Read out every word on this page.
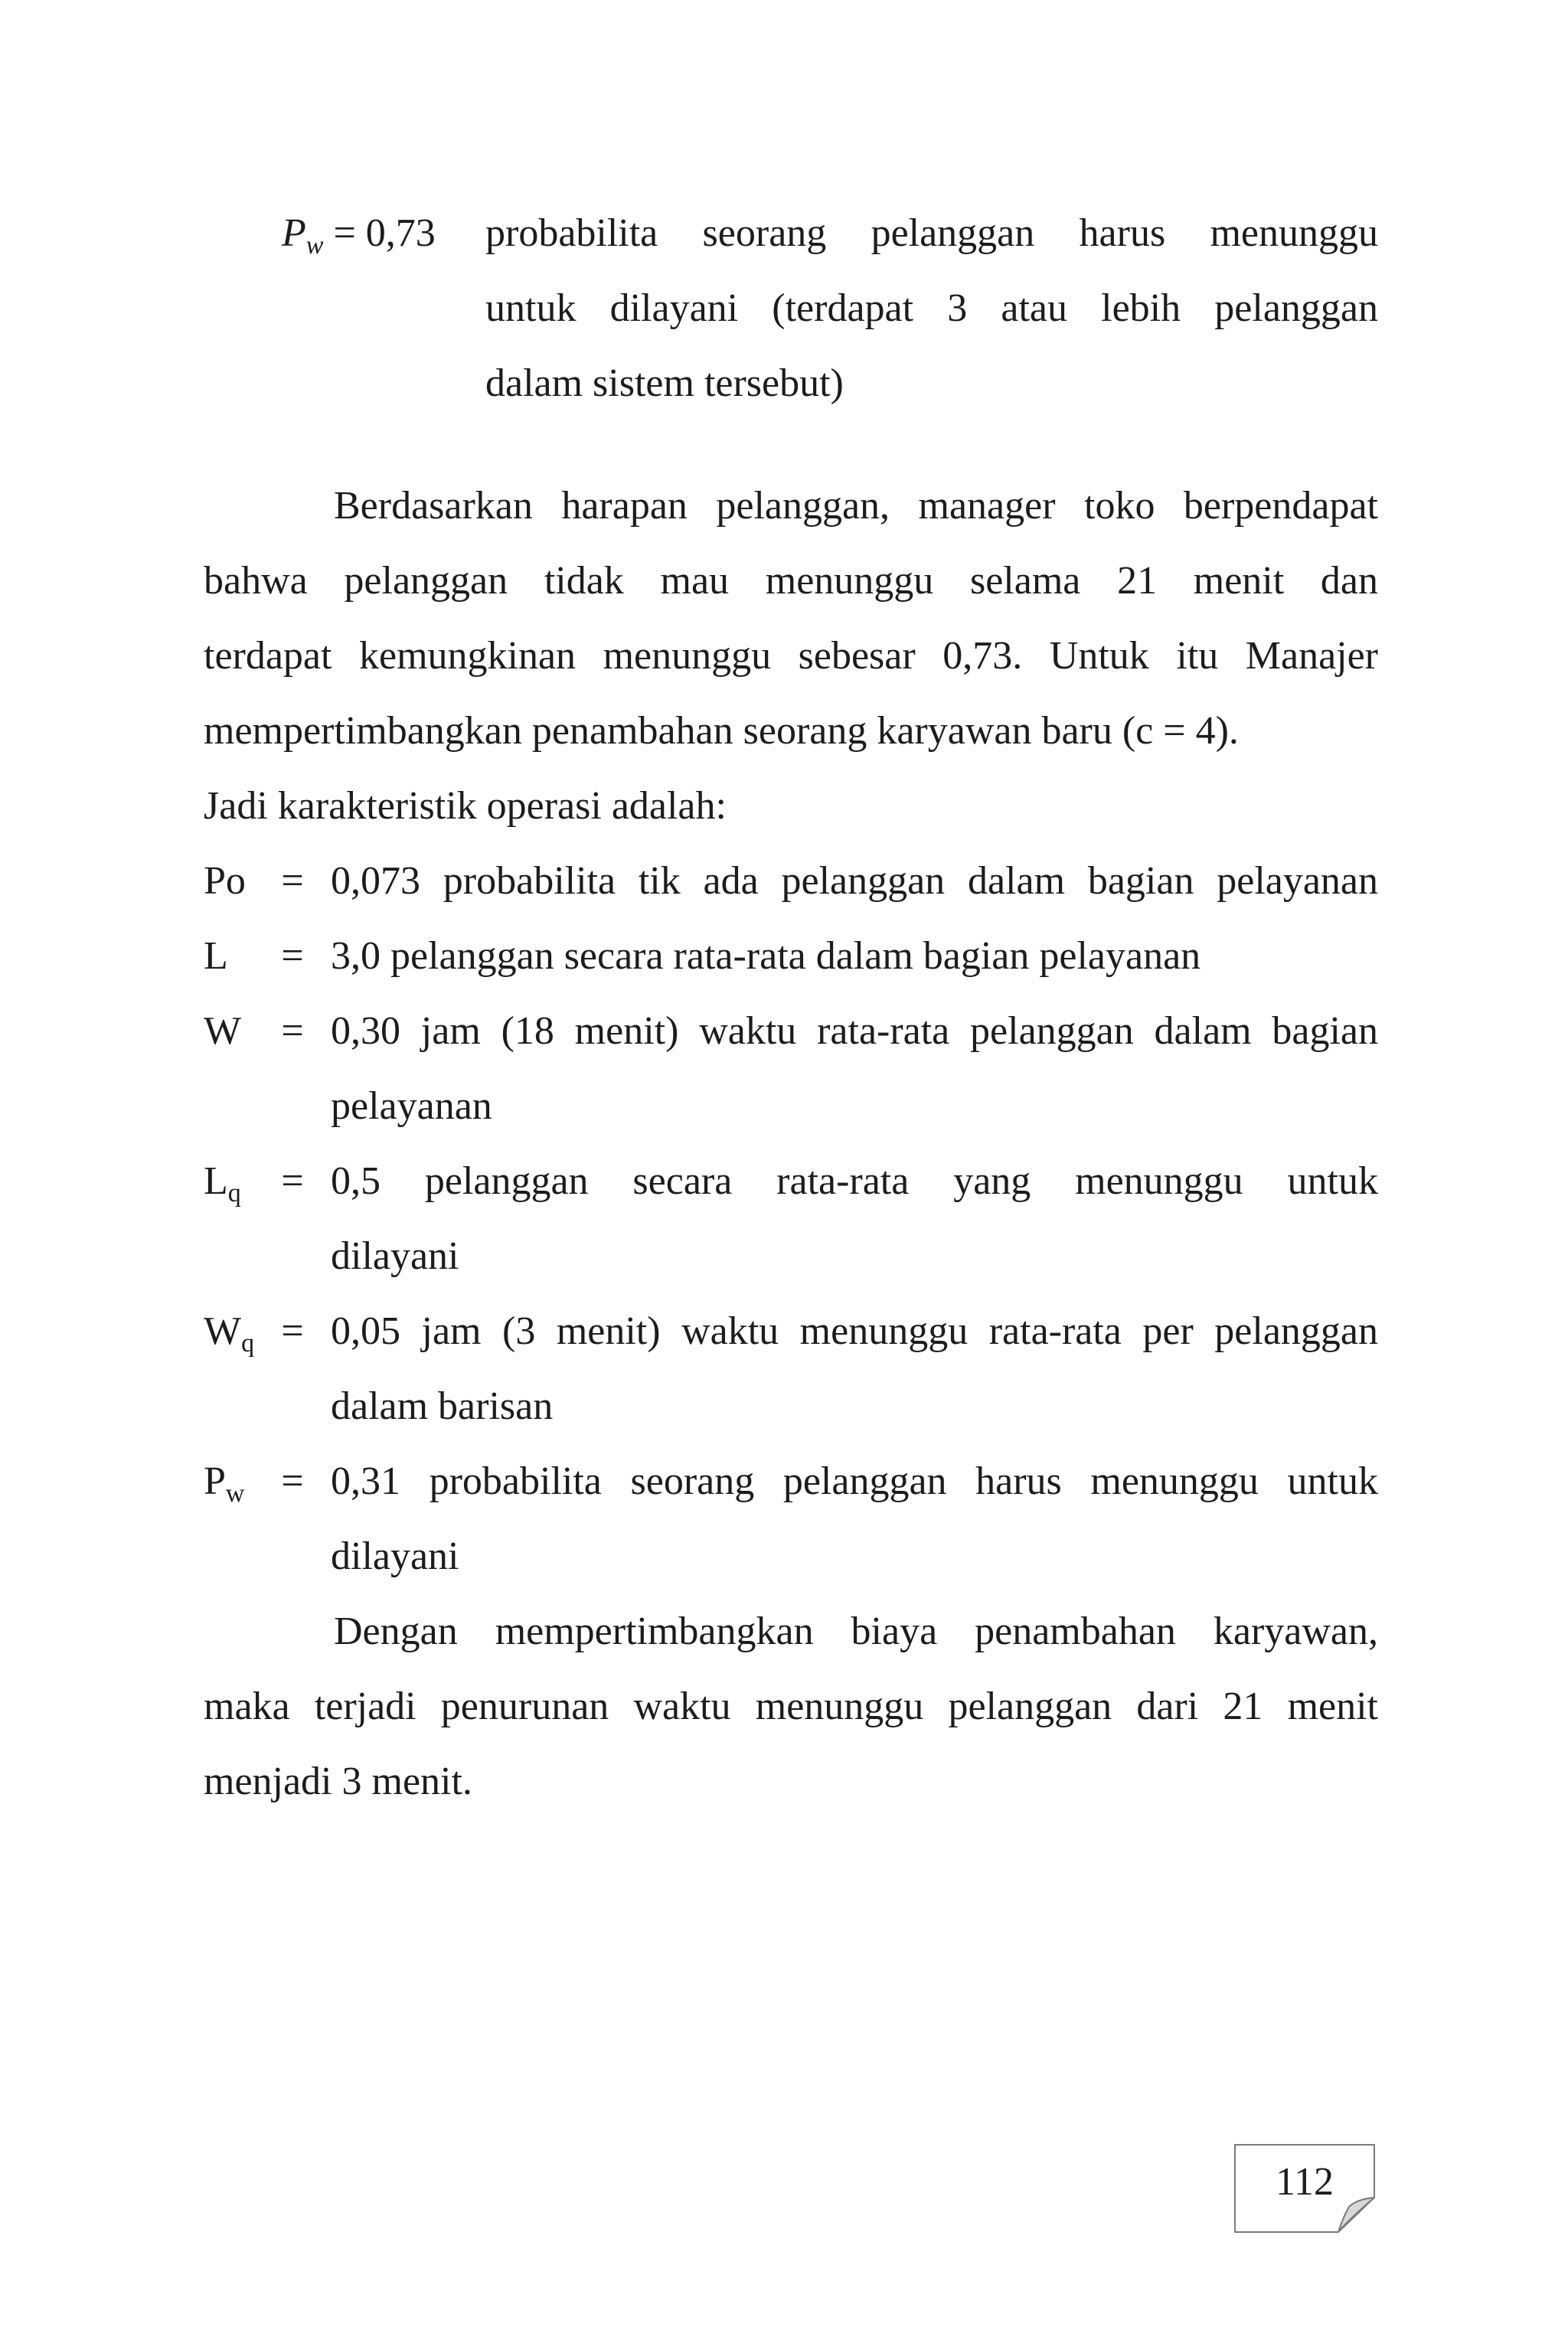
$P_w = 0,73$	probabilita seorang pelanggan harus menunggu
untuk dilayani (terdapat 3 atau lebih pelanggan
dalam sistem tersebut)
Berdasarkan harapan pelanggan, manager toko berpendapat
bahwa pelanggan tidak mau menunggu selama 21 menit dan
terdapat kemungkinan menunggu sebesar 0,73. Untuk itu Manajer
mempertimbangkan penambahan seorang karyawan baru (c = 4).
Jadi karakteristik operasi adalah:
Po = 0,073 probabilita tik ada pelanggan dalam bagian pelayanan
L	= 3,0 pelanggan secara rata-rata dalam bagian pelayanan
W	= 0,30 jam (18 menit) waktu rata-rata pelanggan dalam bagian
pelayanan
$L_q$	= 0,5 pelanggan secara rata-rata yang menunggu untuk
dilayani
$W_q = 0,05$ jam (3 menit) waktu menunggu rata-rata per pelanggan
dalam barisan
$P_w = 0,31$ probabilita seorang pelanggan harus menunggu untuk
dilayani
Dengan mempertimbangkan biaya penambahan karyawan,
maka terjadi penurunan waktu menunggu pelanggan dari 21 menit
menjadi 3 menit.
112
